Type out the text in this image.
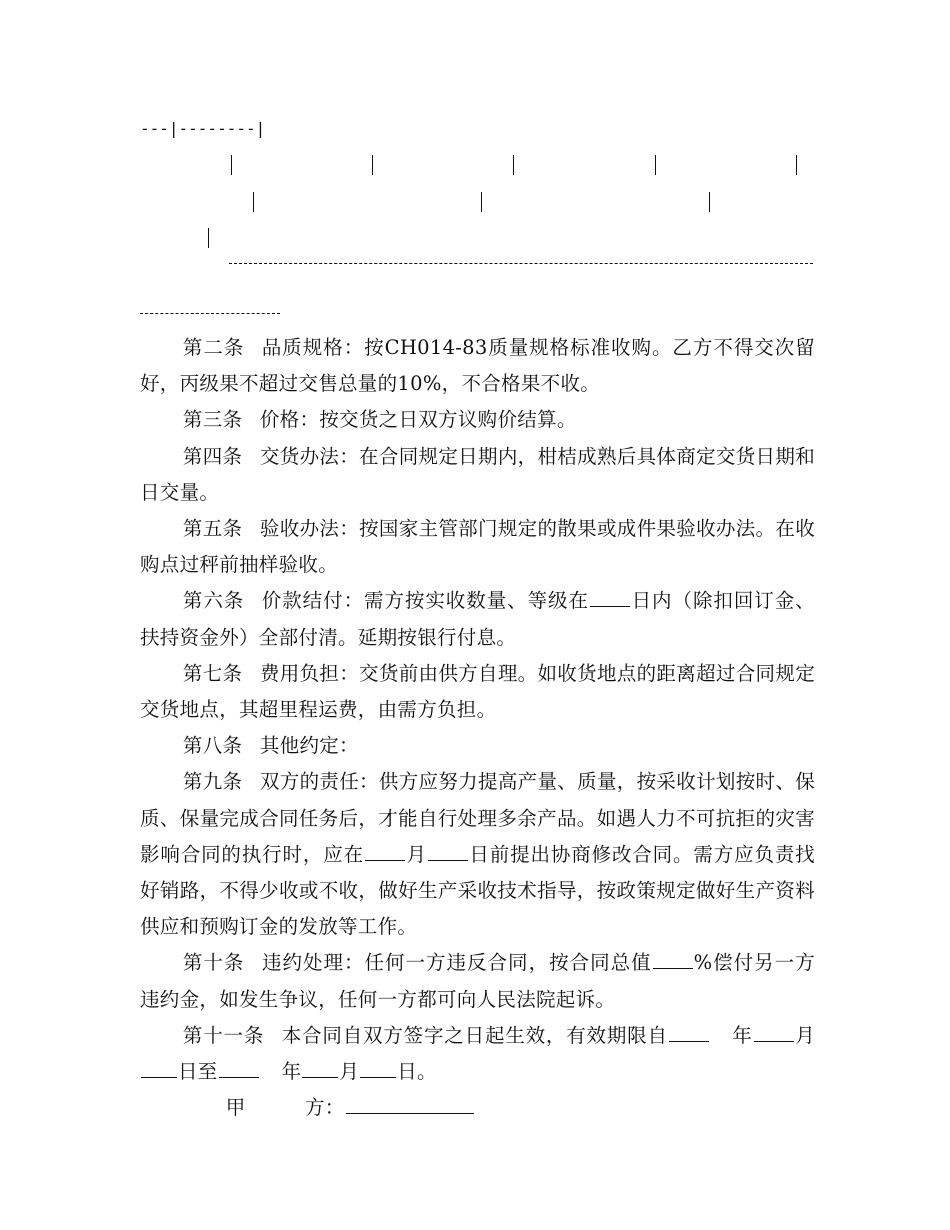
---|--------|

第二条 品质规格：按CH014-83质量规格标准收购。乙方不得交次留好，丙级果不超过交售总量的10%，不合格果不收。

第三条 价格：按交货之日双方议购价结算。

第四条 交货办法：在合同规定日期内，柑桔成熟后具体商定交货日期和日交量。

第五条 验收办法：按国家主管部门规定的散果或成件果验收办法。在收购点过秤前抽样验收。

第六条 价款结付：需方按实收数量、等级在 日内（除扣回订金、扶持资金外）全部付清。延期按银行付息。

第七条 费用负担：交货前由供方自理。如收货地点的距离超过合同规定交货地点，其超里程运费，由需方负担。

第八条 其他约定：

第九条 双方的责任：供方应努力提高产量、质量，按采收计划按时、保质、保量完成合同任务后，才能自行处理多余产品。如遇人力不可抗拒的灾害影响合同的执行时，应在 月 日前提出协商修改合同。需方应负责找好销路，不得少收或不收，做好生产采收技术指导，按政策规定做好生产资料供应和预购订金的发放等工作。

第十条 违约处理：任何一方违反合同，按合同总值 %偿付另一方违约金，如发生争议，任何一方都可向人民法院起诉。

第十一条 本合同自双方签字之日起生效，有效期限自	年 月日至	年 月 日。

甲　　　方：
